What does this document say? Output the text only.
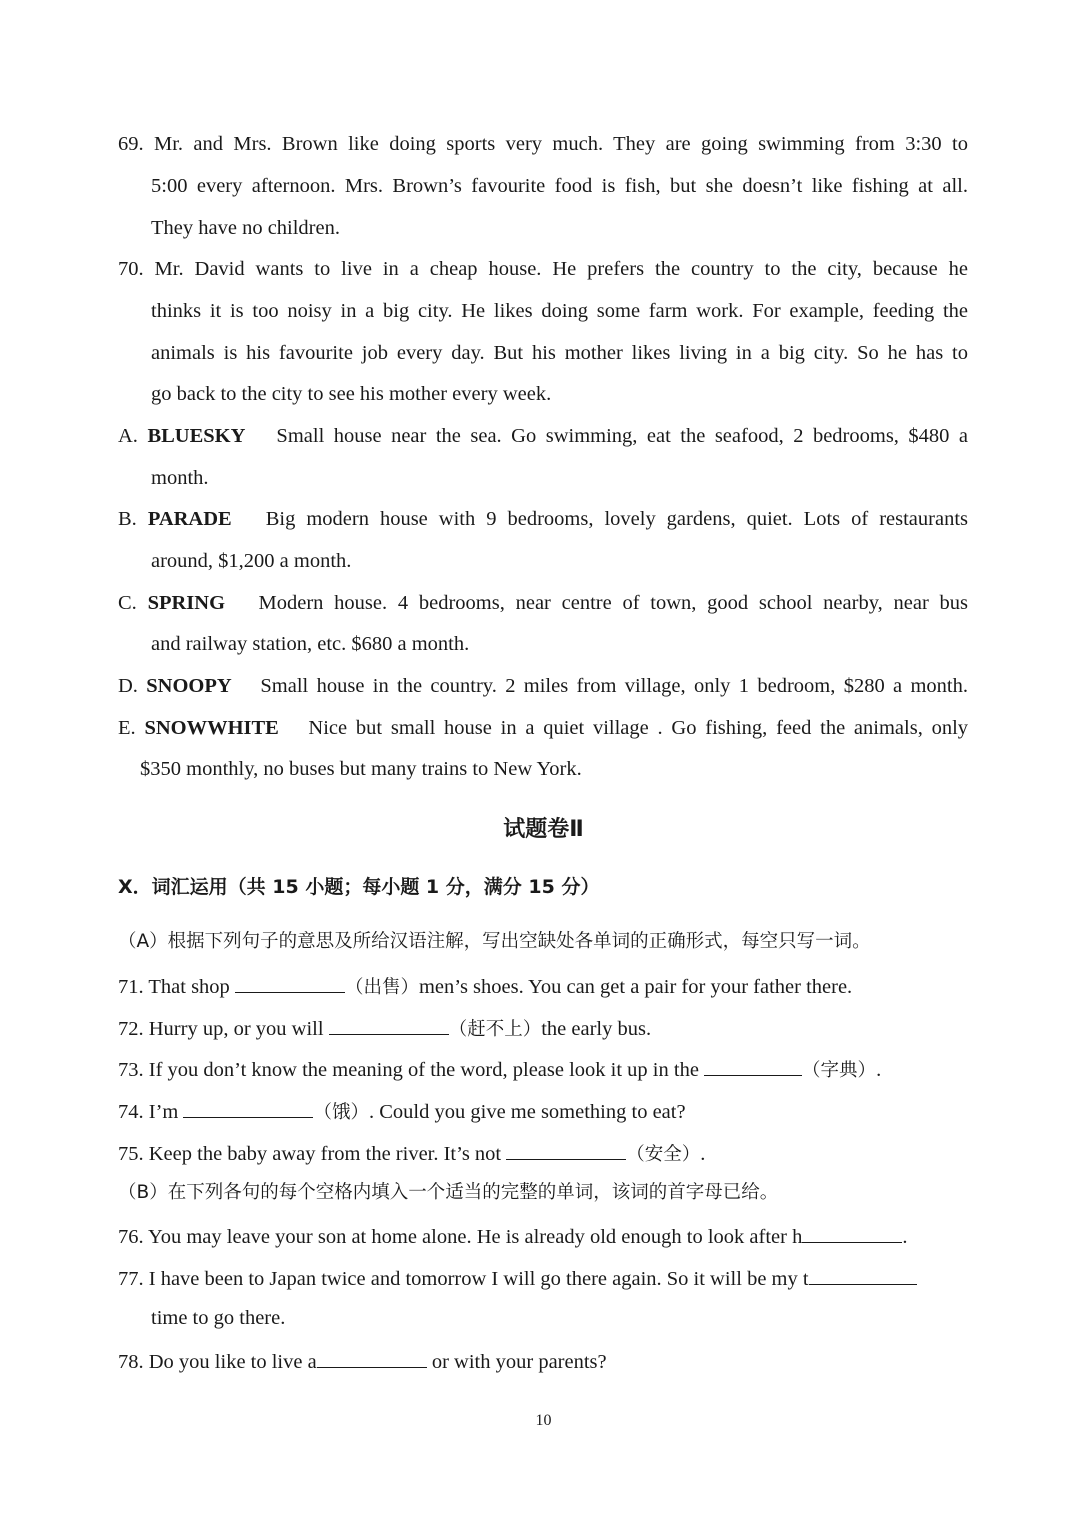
69. Mr. and Mrs. Brown like doing sports very much. They are going swimming from 3:30 to
5:00 every afternoon. Mrs. Brown’s favourite food is fish, but she doesn’t like fishing at all.
They have no children.
70. Mr. David wants to live in a cheap house. He prefers the country to the city, because he
thinks it is too noisy in a big city. He likes doing some farm work. For example, feeding the
animals is his favourite job every day. But his mother likes living in a big city. So he has to
go back to the city to see his mother every week.
A. BLUESKY Small house near the sea. Go swimming, eat the seafood, 2 bedrooms, $480 a
month.
B. PARADE Big modern house with 9 bedrooms, lovely gardens, quiet. Lots of restaurants
around, $1,200 a month.
C. SPRING Modern house. 4 bedrooms, near centre of town, good school nearby, near bus
and railway station, etc. $680 a month.
D. SNOOPY Small house in the country. 2 miles from village, only 1 bedroom, $280 a month.
E. SNOWWHITE Nice but small house in a quiet village . Go fishing, feed the animals, only
$350 monthly, no buses but many trains to New York.
试题卷Ⅱ
Ⅹ．词汇运用（共 15 小题；每小题 1 分，满分 15 分）
（A）根据下列句子的意思及所给汉语注解，写出空缺处各单词的正确形式，每空只写一词。
71. That shop	（出售）men’s shoes. You can get a pair for your father there.
72. Hurry up, or you will	（赶不上）the early bus.
73. If you don’t know the meaning of the word, please look it up in the	（字典）.
74. I’m	（饿）. Could you give me something to eat?
75. Keep the baby away from the river. It’s not	（安全）.
（B）在下列各句的每个空格内填入一个适当的完整的单词，该词的首字母已给。
76. You may leave your son at home alone. He is already old enough to look after h	.
77. I have been to Japan twice and tomorrow I will go there again. So it will be my t
time to go there.
78. Do you like to live a	or with your parents?
10
